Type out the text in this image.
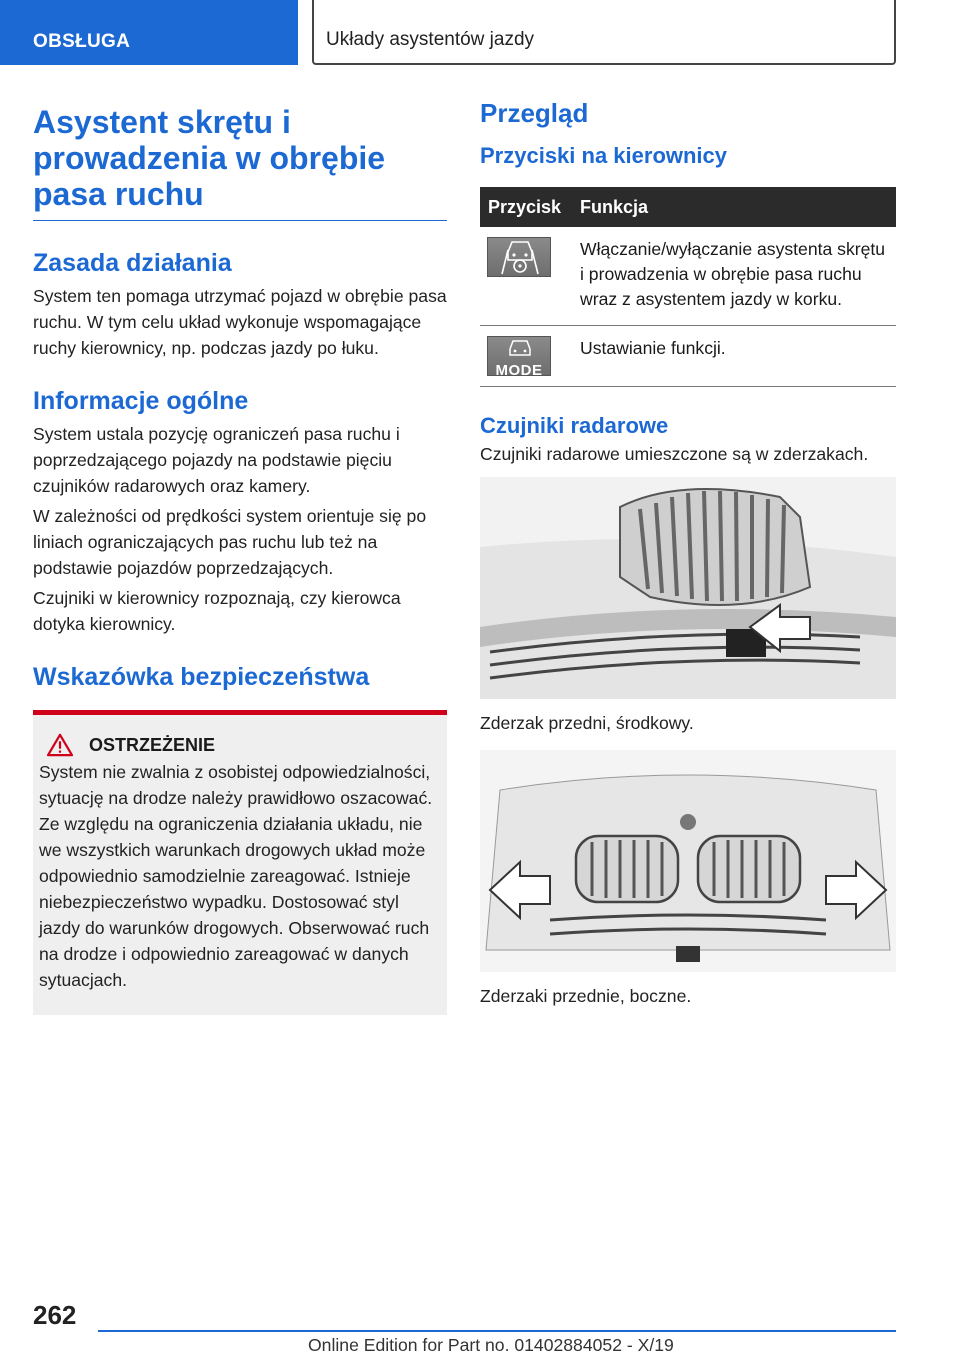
OBSŁUGA	Układy asystentów jazdy
Asystent skrętu i prowadzenia w obrębie pasa ruchu
Zasada działania

System ten pomaga utrzymać pojazd w obrębie pasa ruchu. W tym celu układ wykonuje wspomagające ruchy kierownicy, np. podczas jazdy po łuku.

Informacje ogólne

System ustala pozycję ograniczeń pasa ruchu i poprzedzającego pojazdy na podstawie pięciu czujników radarowych oraz kamery.

W zależności od prędkości system orientuje się po liniach ograniczających pas ruchu lub też na podstawie pojazdów poprzedzających.

Czujniki w kierownicy rozpoznają, czy kierowca dotyka kierownicy.

Wskazówka bezpieczeństwa
OSTRZEŻENIE

System nie zwalnia z osobistej odpowiedzialności, sytuację na drodze należy prawidłowo oszacować. Ze względu na ograniczenia działania układu, nie we wszystkich warunkach drogowych układ może odpowiednio samodzielnie zareagować. Istnieje niebezpieczeństwo wypadku. Dostosować styl jazdy do warunków drogowych. Obserwować ruch na drodze i odpowiednio zareagować w danych sytuacjach.

Przegląd
Przyciski na kierownicy
Przycisk	Funkcja

	Włączanie/wyłączanie asystenta skrętu i prowadzenia w obrębie pasa ruchu wraz z asystentem jazdy w korku.

MODE	Ustawianie funkcji.
Czujniki radarowe

Czujniki radarowe umieszczone są w zderzakach.

Zderzak przedni, środkowy.
Zderzaki przednie, boczne.
262
Online Edition for Part no. 01402884052 - X/19
